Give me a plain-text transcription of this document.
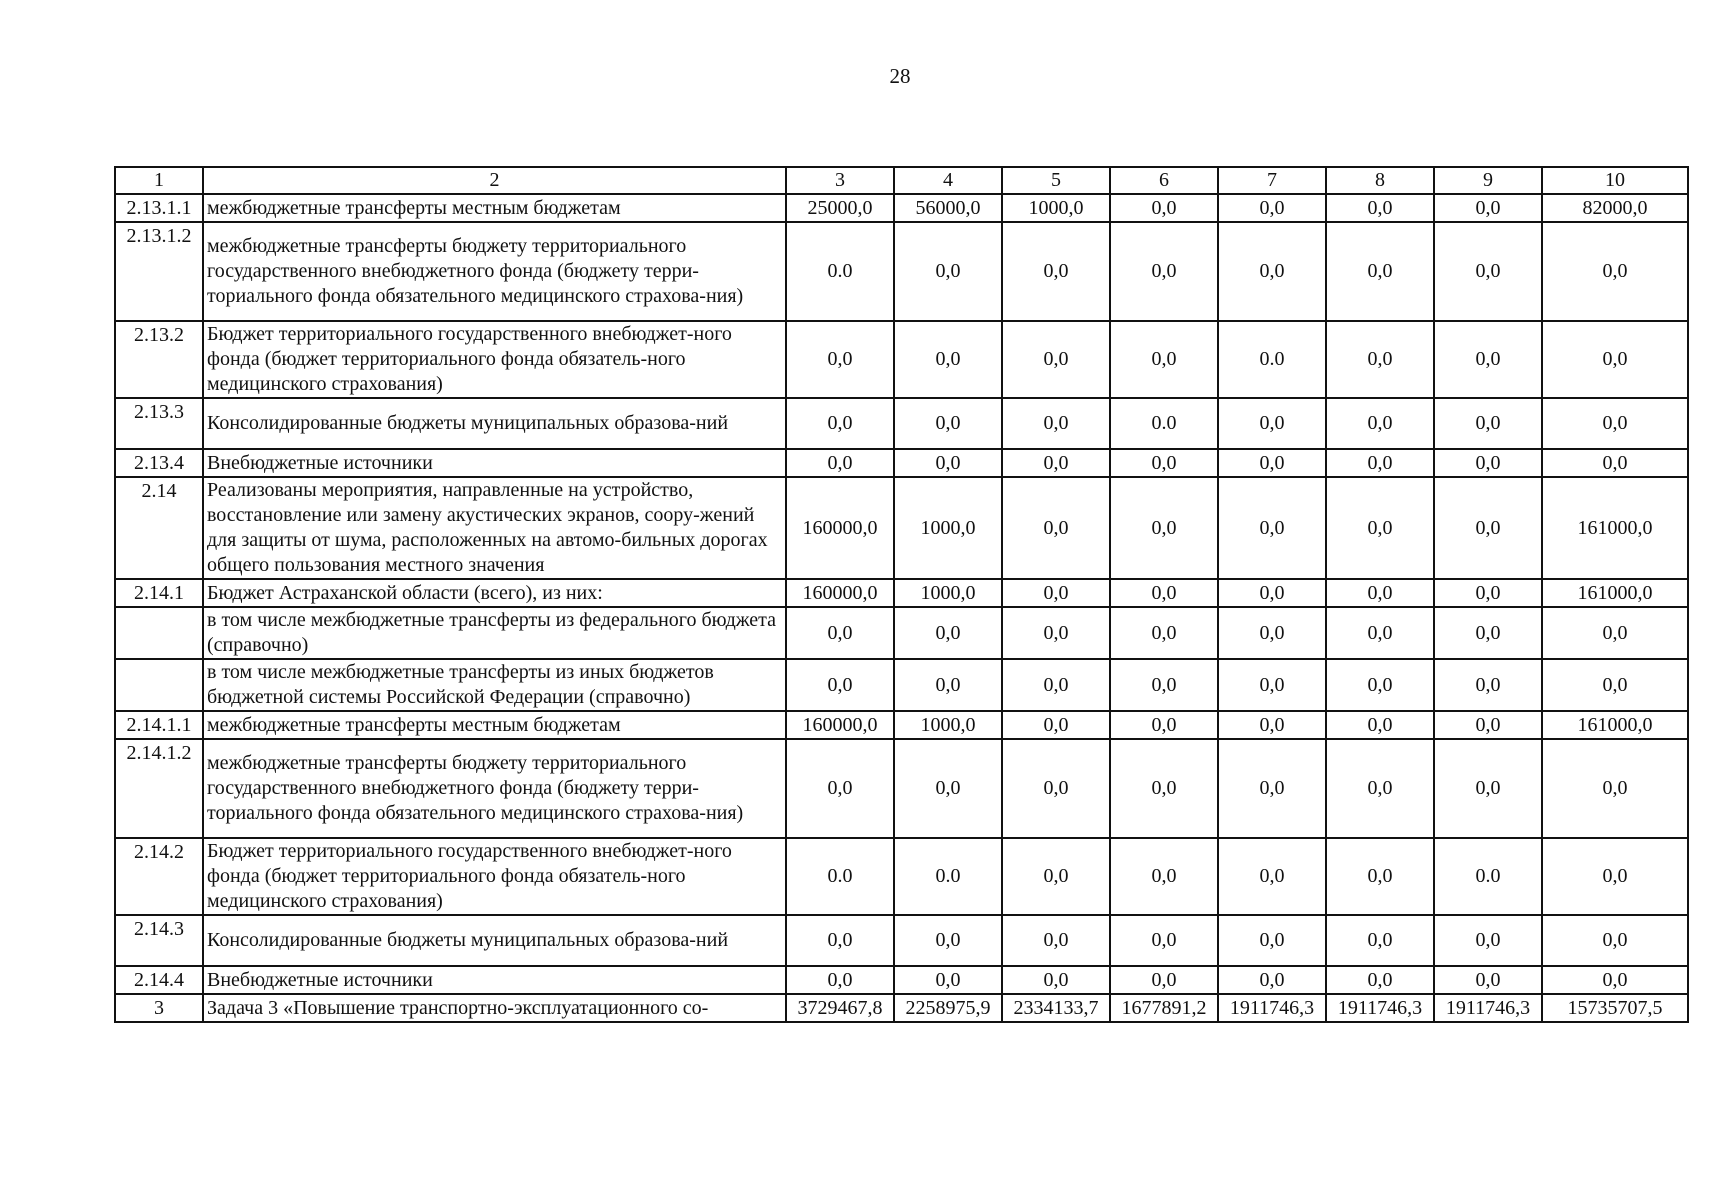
28
1	2	3	4	5	6	7	8	9	10
2.13.1.1	межбюджетные трансферты местным бюджетам	25000,0	56000,0	1000,0	0,0	0,0	0,0	0,0	82000,0
2.13.1.2	межбюджетные трансферты бюджету территориального государственного внебюджетного фонда (бюджету терри-ториального фонда обязательного медицинского страхова-ния)	0.0	0,0	0,0	0,0	0,0	0,0	0,0	0,0
2.13.2	Бюджет территориального государственного внебюджет-ного фонда (бюджет территориального фонда обязатель-ного медицинского страхования)	0,0	0,0	0,0	0,0	0.0	0,0	0,0	0,0
2.13.3	Консолидированные бюджеты муниципальных образова-ний	0,0	0,0	0,0	0.0	0,0	0,0	0,0	0,0
2.13.4	Внебюджетные источники	0,0	0,0	0,0	0,0	0,0	0,0	0,0	0,0
2.14	Реализованы мероприятия, направленные на устройство, восстановление или замену акустических экранов, соору-жений для защиты от шума, расположенных на автомо-бильных дорогах общего пользования местного значения	160000,0	1000,0	0,0	0,0	0,0	0,0	0,0	161000,0
2.14.1	Бюджет Астраханской области (всего), из них:	160000,0	1000,0	0,0	0,0	0,0	0,0	0,0	161000,0
	в том числе межбюджетные трансферты из федерального бюджета (справочно)	0,0	0,0	0,0	0,0	0,0	0,0	0,0	0,0
	в том числе межбюджетные трансферты из иных бюджетов бюджетной системы Российской Федерации (справочно)	0,0	0,0	0,0	0,0	0,0	0,0	0,0	0,0
2.14.1.1	межбюджетные трансферты местным бюджетам	160000,0	1000,0	0,0	0,0	0,0	0,0	0,0	161000,0
2.14.1.2	межбюджетные трансферты бюджету территориального государственного внебюджетного фонда (бюджету терри-ториального фонда обязательного медицинского страхова-ния)	0,0	0,0	0,0	0,0	0,0	0,0	0,0	0,0
2.14.2	Бюджет территориального государственного внебюджет-ного фонда (бюджет территориального фонда обязатель-ного медицинского страхования)	0.0	0.0	0,0	0,0	0,0	0,0	0.0	0,0
2.14.3	Консолидированные бюджеты муниципальных образова-ний	0,0	0,0	0,0	0,0	0,0	0,0	0,0	0,0
2.14.4	Внебюджетные источники	0,0	0,0	0,0	0,0	0,0	0,0	0,0	0,0
3	Задача 3 «Повышение транспортно-эксплуатационного со-	3729467,8	2258975,9	2334133,7	1677891,2	1911746,3	1911746,3	1911746,3	15735707,5
